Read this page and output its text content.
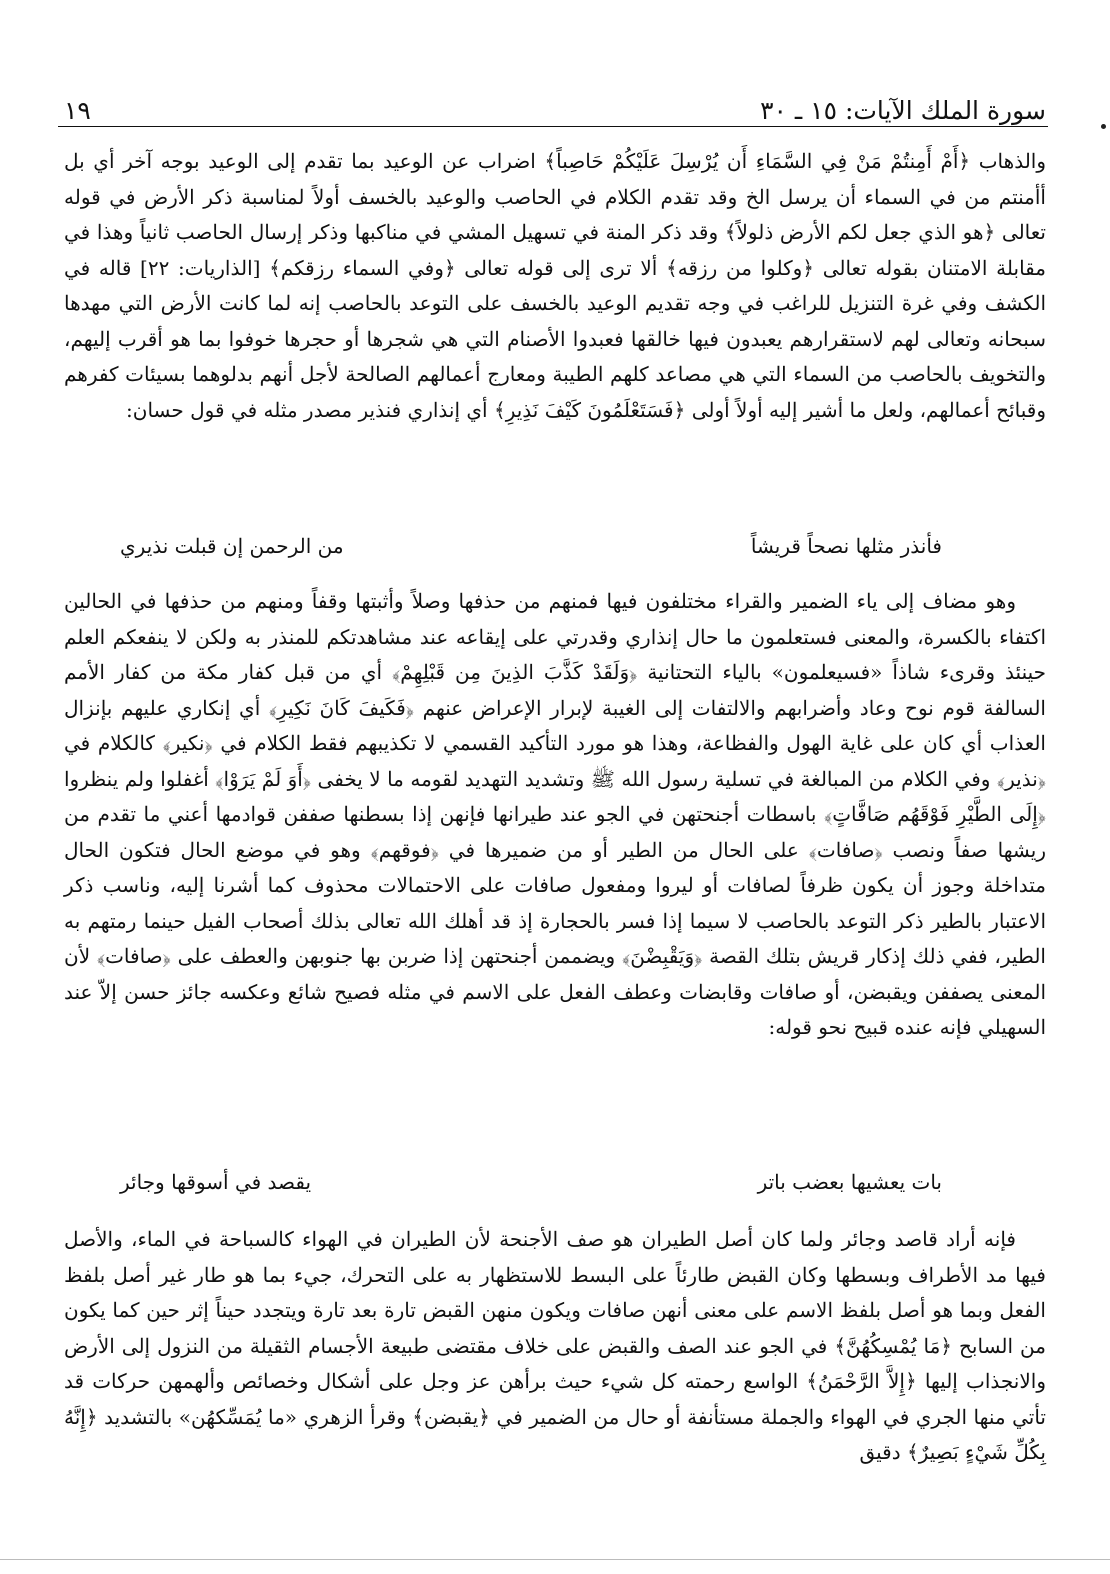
سورة الملك الآيات: ١٥ ـ ٣٠
١٩

والذهاب ﴿أَمْ أَمِنتُمْ مَنْ فِي السَّمَاءِ أَن يُرْسِلَ عَلَيْكُمْ حَاصِباً﴾ اضراب عن الوعيد بما تقدم إلى الوعيد بوجه آخر أي بل أأمنتم من في السماء أن يرسل الخ وقد تقدم الكلام في الحاصب والوعيد بالخسف أولاً لمناسبة ذكر الأرض في قوله تعالى ﴿هو الذي جعل لكم الأرض ذلولاً﴾ وقد ذكر المنة في تسهيل المشي في مناكبها وذكر إرسال الحاصب ثانياً وهذا في مقابلة الامتنان بقوله تعالى ﴿وكلوا من رزقه﴾ ألا ترى إلى قوله تعالى ﴿وفي السماء رزقكم﴾ [الذاريات: ٢٢] قاله في الكشف وفي غرة التنزيل للراغب في وجه تقديم الوعيد بالخسف على التوعد بالحاصب إنه لما كانت الأرض التي مهدها سبحانه وتعالى لهم لاستقرارهم يعبدون فيها خالقها فعبدوا الأصنام التي هي شجرها أو حجرها خوفوا بما هو أقرب إليهم، والتخويف بالحاصب من السماء التي هي مصاعد كلهم الطيبة ومعارج أعمالهم الصالحة لأجل أنهم بدلوهما بسيئات كفرهم وقبائح أعمالهم، ولعل ما أشير إليه أولاً أولى ﴿فَسَتَعْلَمُونَ كَيْفَ نَذِيرِ﴾ أي إنذاري فنذير مصدر مثله في قول حسان:

فأنذر مثلها نصحاً قريشاً
من الرحمن إن قبلت نذيري

وهو مضاف إلى ياء الضمير والقراء مختلفون فيها فمنهم من حذفها وصلاً وأثبتها وقفاً ومنهم من حذفها في الحالين اكتفاء بالكسرة، والمعنى فستعلمون ما حال إنذاري وقدرتي على إيقاعه عند مشاهدتكم للمنذر به ولكن لا ينفعكم العلم حينئذ وقرىء شاذاً «فسيعلمون» بالياء التحتانية ﴿وَلَقَدْ كَذَّبَ الذِينَ مِن قَبْلِهِمْ﴾ أي من قبل كفار مكة من كفار الأمم السالفة قوم نوح وعاد وأضرابهم والالتفات إلى الغيبة لإبرار الإعراض عنهم ﴿فَكَيفَ كَانَ نَكِيرِ﴾ أي إنكاري عليهم بإنزال العذاب أي كان على غاية الهول والفظاعة، وهذا هو مورد التأكيد القسمي لا تكذيبهم فقط الكلام في ﴿نكير﴾ كالكلام في ﴿نذير﴾ وفي الكلام من المبالغة في تسلية رسول الله ﷺ وتشديد التهديد لقومه ما لا يخفى ﴿أَوَ لَمْ يَرَوْا﴾ أغفلوا ولم ينظروا ﴿إِلَى الطَّيْرِ فَوْقَهُم صَافَّاتٍ﴾ باسطات أجنحتهن في الجو عند طيرانها فإنهن إذا بسطنها صففن قوادمها أعني ما تقدم من ريشها صفاً ونصب ﴿صافات﴾ على الحال من الطير أو من ضميرها في ﴿فوقهم﴾ وهو في موضع الحال فتكون الحال متداخلة وجوز أن يكون ظرفاً لصافات أو ليروا ومفعول صافات على الاحتمالات محذوف كما أشرنا إليه، وناسب ذكر الاعتبار بالطير ذكر التوعد بالحاصب لا سيما إذا فسر بالحجارة إذ قد أهلك الله تعالى بذلك أصحاب الفيل حينما رمتهم به الطير، ففي ذلك إذكار قريش بتلك القصة ﴿وَيَقْبِضْنَ﴾ ويضممن أجنحتهن إذا ضربن بها جنوبهن والعطف على ﴿صافات﴾ لأن المعنى يصففن ويقبضن، أو صافات وقابضات وعطف الفعل على الاسم في مثله فصيح شائع وعكسه جائز حسن إلاّ عند السهيلي فإنه عنده قبيح نحو قوله:

بات يعشيها بعضب باتر
يقصد في أسوقها وجائر

فإنه أراد قاصد وجائر ولما كان أصل الطيران هو صف الأجنحة لأن الطيران في الهواء كالسباحة في الماء، والأصل فيها مد الأطراف وبسطها وكان القبض طارئاً على البسط للاستظهار به على التحرك، جيء بما هو طار غير أصل بلفظ الفعل وبما هو أصل بلفظ الاسم على معنى أنهن صافات ويكون منهن القبض تارة بعد تارة ويتجدد حيناً إثر حين كما يكون من السابح ﴿مَا يُمْسِكُهُنَّ﴾ في الجو عند الصف والقبض على خلاف مقتضى طبيعة الأجسام الثقيلة من النزول إلى الأرض والانجذاب إليها ﴿إِلاَّ الرَّحْمَنُ﴾ الواسع رحمته كل شيء حيث برأهن عز وجل على أشكال وخصائص وألهمهن حركات قد تأتي منها الجري في الهواء والجملة مستأنفة أو حال من الضمير في ﴿يقبضن﴾ وقرأ الزهري «ما يُمَسِّكهُن» بالتشديد ﴿إِنَّهُ بِكُلِّ شَيْءٍ بَصِيرٌ﴾ دقيق
